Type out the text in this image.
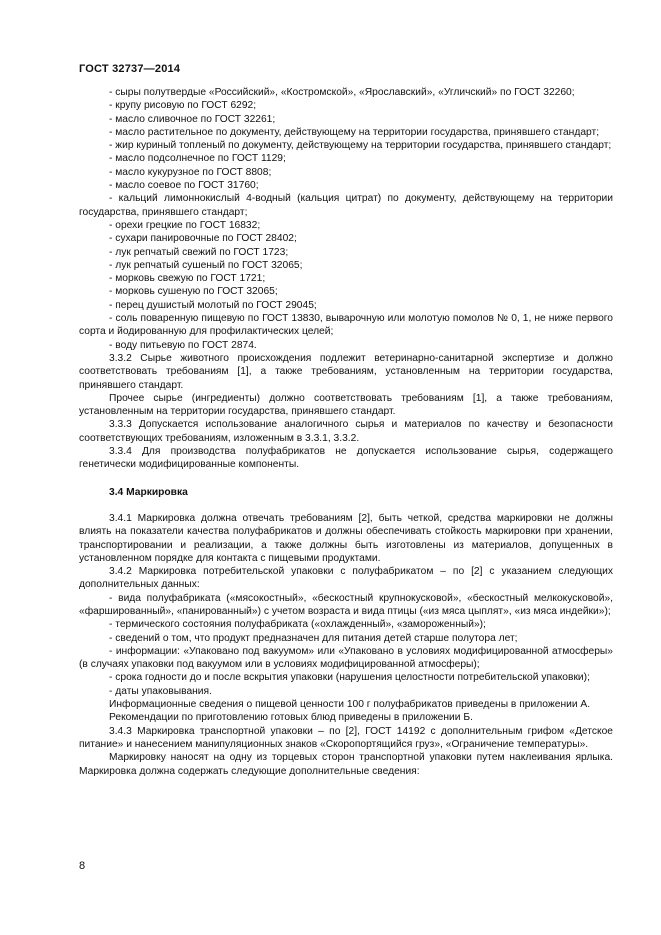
ГОСТ 32737—2014

- сыры полутвердые «Российский», «Костромской», «Ярославский», «Угличский» по ГОСТ 32260;

- крупу рисовую по ГОСТ 6292;

- масло сливочное по ГОСТ 32261;

- масло растительное по документу, действующему на территории государства, принявшего стандарт;

- жир куриный топленый по документу, действующему на территории государства, принявшего стандарт;

- масло подсолнечное по ГОСТ 1129;

- масло кукурузное по ГОСТ 8808;

- масло соевое по ГОСТ 31760;

- кальций лимоннокислый 4-водный (кальция цитрат) по документу, действующему на территории государства, принявшего стандарт;

- орехи грецкие по ГОСТ 16832;

- сухари панировочные по ГОСТ 28402;

- лук репчатый свежий по ГОСТ 1723;

- лук репчатый сушеный по ГОСТ 32065;

- морковь свежую по ГОСТ 1721;

- морковь сушеную по ГОСТ 32065;

- перец душистый молотый по ГОСТ 29045;

- соль поваренную пищевую по ГОСТ 13830, выварочную или молотую помолов № 0, 1, не ниже первого сорта и йодированную для профилактических целей;

- воду питьевую по ГОСТ 2874.

3.3.2 Сырье животного происхождения подлежит ветеринарно-санитарной экспертизе и должно соответствовать требованиям [1], а также требованиям, установленным на территории государства, принявшего стандарт.

Прочее сырье (ингредиенты) должно соответствовать требованиям [1], а также требованиям, установленным на территории государства, принявшего стандарт.

3.3.3 Допускается использование аналогичного сырья и материалов по качеству и безопасности соответствующих требованиям, изложенным в 3.3.1, 3.3.2.

3.3.4 Для производства полуфабрикатов не допускается использование сырья, содержащего генетически модифицированные компоненты.

3.4 Маркировка

3.4.1 Маркировка должна отвечать требованиям [2], быть четкой, средства маркировки не должны влиять на показатели качества полуфабрикатов и должны обеспечивать стойкость маркировки при хранении, транспортировании и реализации, а также должны быть изготовлены из материалов, допущенных в установленном порядке для контакта с пищевыми продуктами.

3.4.2 Маркировка потребительской упаковки с полуфабрикатом – по [2] с указанием следующих дополнительных данных:

- вида полуфабриката («мясокостный», «бескостный крупнокусковой», «бескостный мелкокусковой», «фаршированный», «панированный») с учетом возраста и вида птицы («из мяса цыплят», «из мяса индейки»);

- термического состояния полуфабриката («охлажденный», «замороженный»);

- сведений о том, что продукт предназначен для питания детей старше полутора лет;

- информации: «Упаковано под вакуумом» или «Упаковано в условиях модифицированной атмосферы» (в случаях упаковки под вакуумом или в условиях модифицированной атмосферы);

- срока годности до и после вскрытия упаковки (нарушения целостности потребительской упаковки);

- даты упаковывания.

Информационные сведения о пищевой ценности 100 г полуфабрикатов приведены в приложении А.

Рекомендации по приготовлению готовых блюд приведены в приложении Б.

3.4.3 Маркировка транспортной упаковки – по [2], ГОСТ 14192 с дополнительным грифом «Детское питание» и нанесением манипуляционных знаков «Скоропортящийся груз», «Ограничение температуры».

Маркировку наносят на одну из торцевых сторон транспортной упаковки путем наклеивания ярлыка. Маркировка должна содержать следующие дополнительные сведения:

8
